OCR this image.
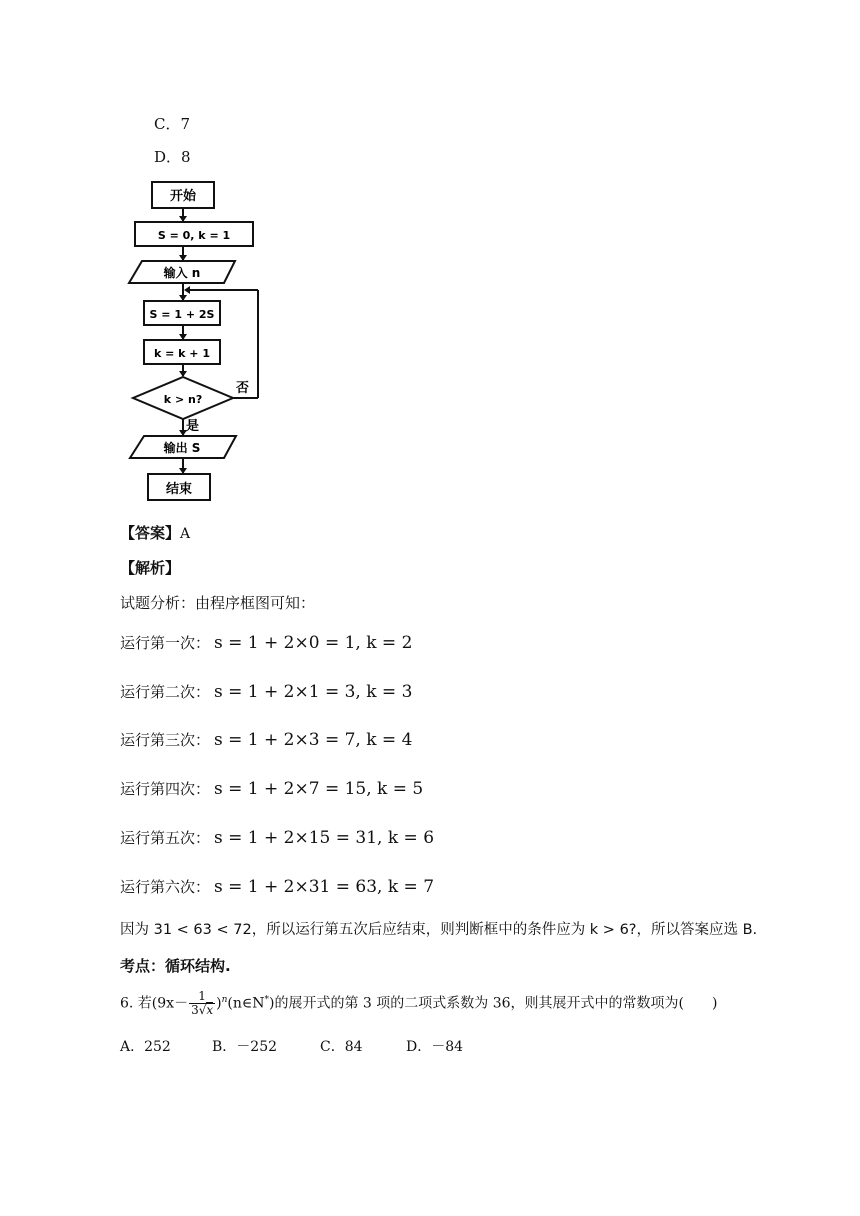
C．7
D．8
开始
S = 0, k = 1
输入 n
S = 1 + 2S
k = k + 1
k > n?
否
是
输出 S
结束
【答案】A
【解析】
试题分析：由程序框图可知：
运行第一次： s = 1 + 2×0 = 1, k = 2
运行第二次： s = 1 + 2×1 = 3, k = 3
运行第三次： s = 1 + 2×3 = 7, k = 4
运行第四次： s = 1 + 2×7 = 15, k = 5
运行第五次： s = 1 + 2×15 = 31, k = 6
运行第六次： s = 1 + 2×31 = 63, k = 7
因为 31 < 63 < 72，所以运行第五次后应结束，则判断框中的条件应为 k > 6?，所以答案应选 B.
考点：循环结构.
6. 若($9x- \frac{1}{3√x}$ )$^n(n\in N^*)$的展开式的第 3 项的二项式系数为 36，则其展开式中的常数项为(　　)
A．252	B．－252	C．84	D．－84
